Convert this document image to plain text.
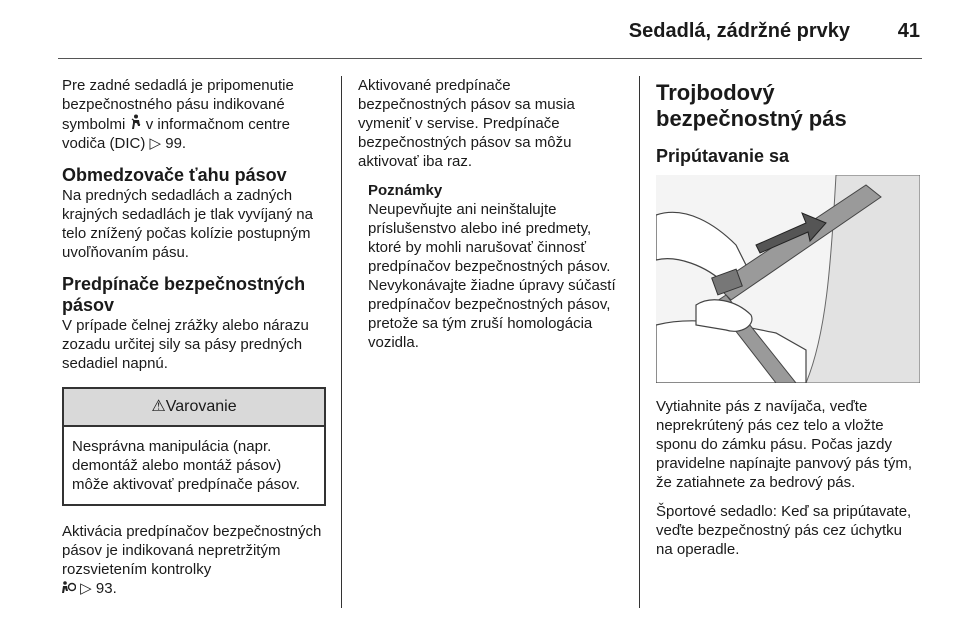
Sedadlá, zádržné prvky 41

Pre zadné sedadlá je pripomenutie bezpečnostného pásu indikované symbolmi v informačnom centre vodiča (DIC) ▷ 99.

Obmedzovače ťahu pásov

Na predných sedadlách a zadných krajných sedadlách je tlak vyvíjaný na telo znížený počas kolízie postupným uvoľňovaním pásu.

Predpínače bezpečnostných pásov

V prípade čelnej zrážky alebo nárazu zozadu určitej sily sa pásy predných sedadiel napnú.

⚠Varovanie
Nesprávna manipulácia (napr. demontáž alebo montáž pásov) môže aktivovať predpínače pásov.

Aktivácia predpínačov bezpečnostných pásov je indikovaná nepretržitým rozsvietením kontrolky
▷ 93.

Aktivované predpínače bezpečnostných pásov sa musia vymeniť v servise. Predpínače bezpečnostných pásov sa môžu aktivovať iba raz.

Poznámky
Neupevňujte ani neinštalujte príslušenstvo alebo iné predmety, ktoré by mohli narušovať činnosť predpínačov bezpečnostných pásov. Nevykonávajte žiadne úpravy súčastí predpínačov bezpečnostných pásov, pretože sa tým zruší homologácia vozidla.
Trojbodový bezpečnostný pás
Pripútavanie sa

Vytiahnite pás z navíjača, veďte neprekrútený pás cez telo a vložte sponu do zámku pásu. Počas jazdy pravidelne napínajte panvový pás tým, že zatiahnete za bedrový pás.

Športové sedadlo: Keď sa pripútavate, veďte bezpečnostný pás cez úchytku na operadle.
